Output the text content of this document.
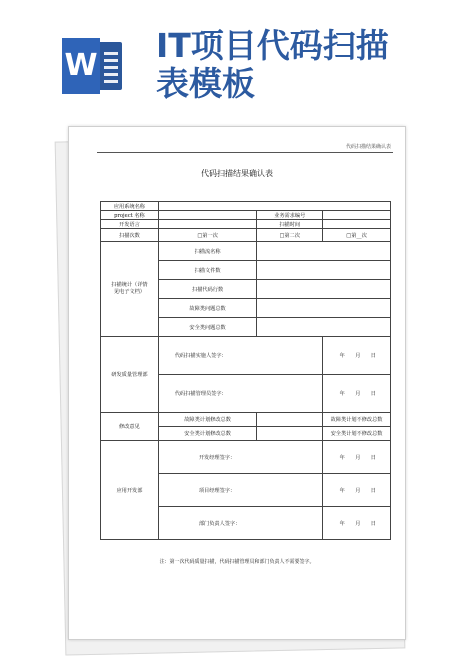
W
IT项目代码扫描
表模板
代码扫描结果确认表
代码扫描结果确认表
应用系统名称			
project 名称		业务需求编号	
开发语言		扫描时间	
扫描次数	□第一次	□第二次	□第__次
扫描统计（详情见电子文档）	扫描流名称		
	扫描文件数		
	扫描代码行数		
	故障类问题总数		
	安全类问题总数		
研发质量管理部	代码扫描实施人签字：		年   月   日
	代码扫描管理员签字：		年   月   日
修改意见	故障类计划修改总数		故障类计划不修改总数
	安全类计划修改总数		安全类计划不修改总数
应用开发部	开发经理签字：		年   月   日
	项目经理签字：		年   月   日
	部门负责人签字：		年   月   日
注：第一次代码质量扫描，代码扫描管理员和部门负责人不需要签字。
